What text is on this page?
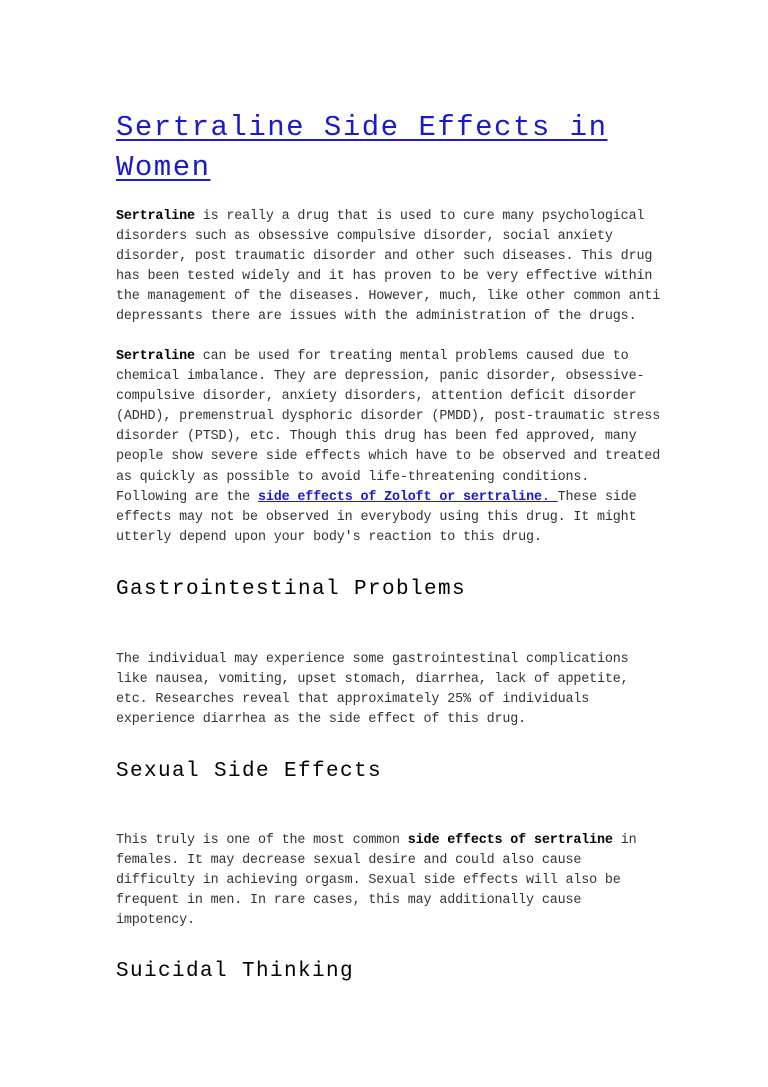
Sertraline Side Effects in Women

Sertraline is really a drug that is used to cure many psychological disorders such as obsessive compulsive disorder, social anxiety disorder, post traumatic disorder and other such diseases. This drug has been tested widely and it has proven to be very effective within the management of the diseases. However, much, like other common anti depressants there are issues with the administration of the drugs.

Sertraline can be used for treating mental problems caused due to chemical imbalance. They are depression, panic disorder, obsessive-compulsive disorder, anxiety disorders, attention deficit disorder (ADHD), premenstrual dysphoric disorder (PMDD), post-traumatic stress disorder (PTSD), etc. Though this drug has been fed approved, many people show severe side effects which have to be observed and treated as quickly as possible to avoid life-threatening conditions. Following are the side effects of Zoloft or sertraline. These side effects may not be observed in everybody using this drug. It might utterly depend upon your body's reaction to this drug.

Gastrointestinal Problems

The individual may experience some gastrointestinal complications like nausea, vomiting, upset stomach, diarrhea, lack of appetite, etc. Researches reveal that approximately 25% of individuals experience diarrhea as the side effect of this drug.

Sexual Side Effects

This truly is one of the most common side effects of sertraline in females. It may decrease sexual desire and could also cause difficulty in achieving orgasm. Sexual side effects will also be frequent in men. In rare cases, this may additionally cause impotency.

Suicidal Thinking
